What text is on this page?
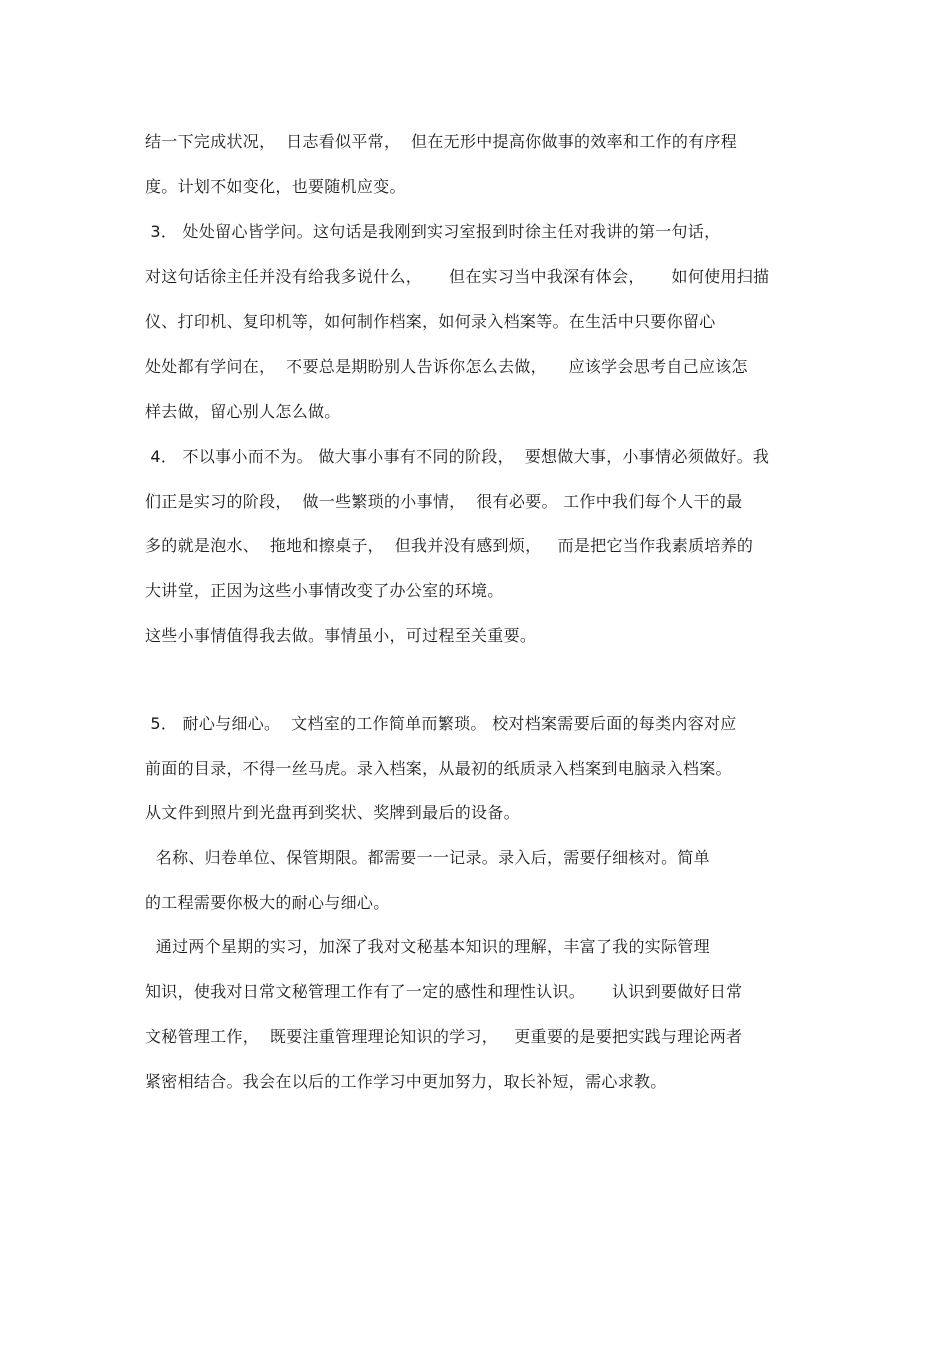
结一下完成状况，  日志看似平常，  但在无形中提高你做事的效率和工作的有序程
度。计划不如变化，也要随机应变。
3． 处处留心皆学问。这句话是我刚到实习室报到时徐主任对我讲的第一句话，
对这句话徐主任并没有给我多说什么，     但在实习当中我深有体会，     如何使用扫描
仪、打印机、复印机等，如何制作档案，如何录入档案等。在生活中只要你留心
处处都有学问在，  不要总是期盼别人告诉你怎么去做，    应该学会思考自己应该怎
样去做，留心别人怎么做。
4． 不以事小而不为。 做大事小事有不同的阶段，  要想做大事，小事情必须做好。我
们正是实习的阶段，  做一些繁琐的小事情，  很有必要。 工作中我们每个人干的最
多的就是泡水、  拖地和擦桌子，  但我并没有感到烦，   而是把它当作我素质培养的
大讲堂，正因为这些小事情改变了办公室的环境。
这些小事情值得我去做。事情虽小，可过程至关重要。
5． 耐心与细心。  文档室的工作简单而繁琐。 校对档案需要后面的每类内容对应
前面的目录，不得一丝马虎。录入档案，从最初的纸质录入档案到电脑录入档案。
从文件到照片到光盘再到奖状、奖牌到最后的设备。
名称、归卷单位、保管期限。都需要一一记录。录入后，需要仔细核对。简单
的工程需要你极大的耐心与细心。
通过两个星期的实习，加深了我对文秘基本知识的理解，丰富了我的实际管理
知识，使我对日常文秘管理工作有了一定的感性和理性认识。     认识到要做好日常
文秘管理工作，  既要注重管理理论知识的学习，   更重要的是要把实践与理论两者
紧密相结合。我会在以后的工作学习中更加努力，取长补短，需心求教。
